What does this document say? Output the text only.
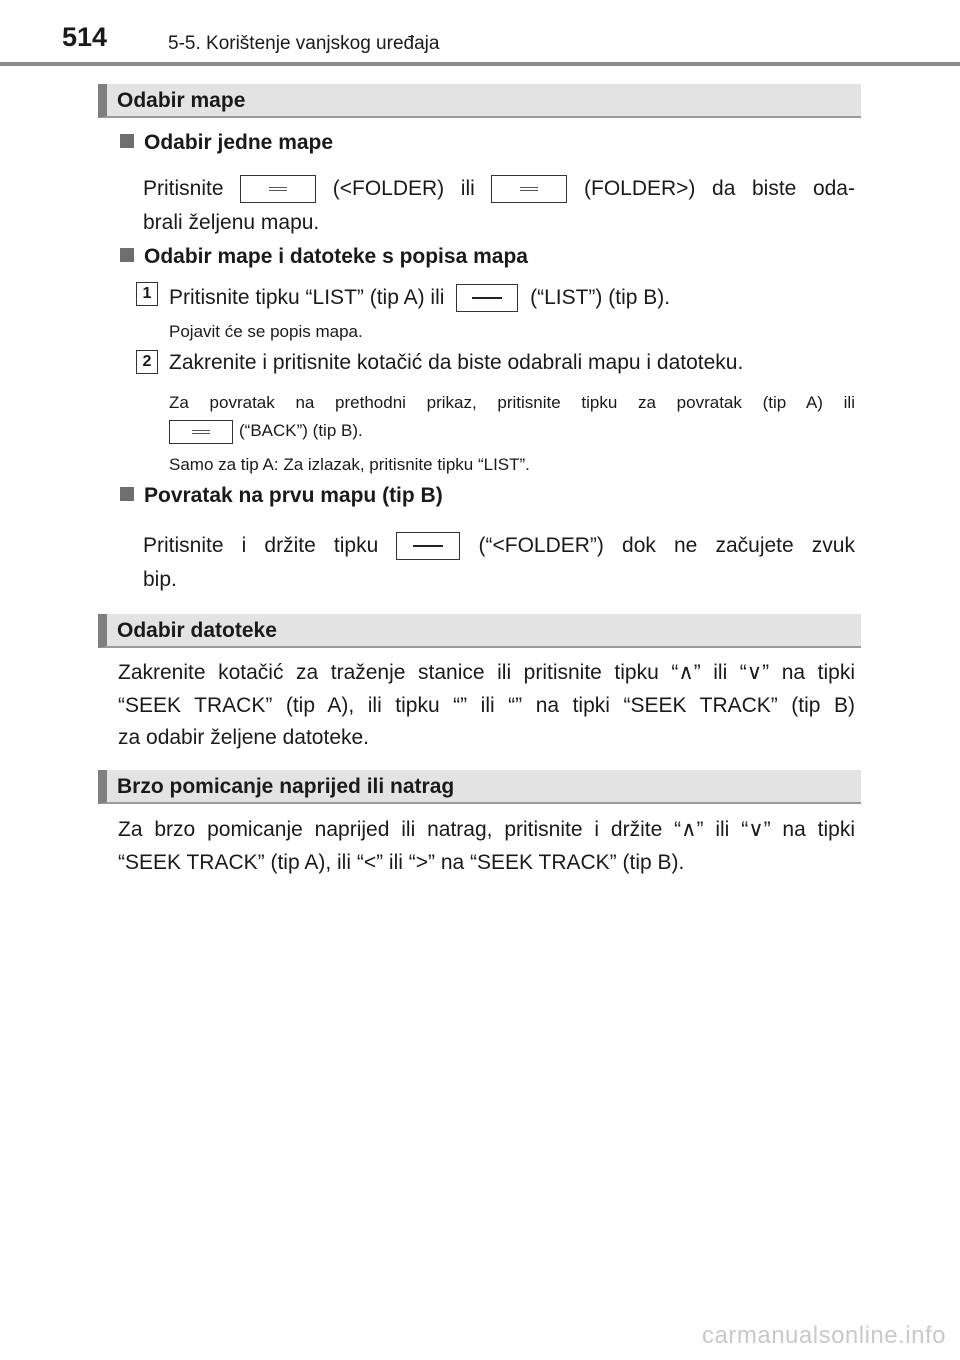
514	5-5. Korištenje vanjskog uređaja
Odabir mape
Odabir jedne mape
Pritisnite	(<FOLDER) ili	(FOLDER>) da biste oda-
brali željenu mapu.
Odabir mape i datoteke s popisa mapa
1 Pritisnite tipku “LIST” (tip A) ili	(“LIST”) (tip B).
Pojavit će se popis mapa.
2 Zakrenite i pritisnite kotačić da biste odabrali mapu i datoteku.
Za povratak na prethodni prikaz, pritisnite tipku za povratak (tip A) ili
(“BACK”) (tip B).
Samo za tip A: Za izlazak, pritisnite tipku “LIST”.
Povratak na prvu mapu (tip B)
Pritisnite i držite tipku	(“<FOLDER”) dok ne začujete zvuk
bip.
Odabir datoteke
Zakrenite kotačić za traženje stanice ili pritisnite tipku “∧” ili “∨” na tipki
“SEEK TRACK” (tip A), ili tipku “” ili “” na tipki “SEEK TRACK” (tip B)
za odabir željene datoteke.
Brzo pomicanje naprijed ili natrag
Za brzo pomicanje naprijed ili natrag, pritisnite i držite “∧” ili “∨” na tipki
“SEEK TRACK” (tip A), ili “<” ili “>” na “SEEK TRACK” (tip B).
carmanualsonline.info
